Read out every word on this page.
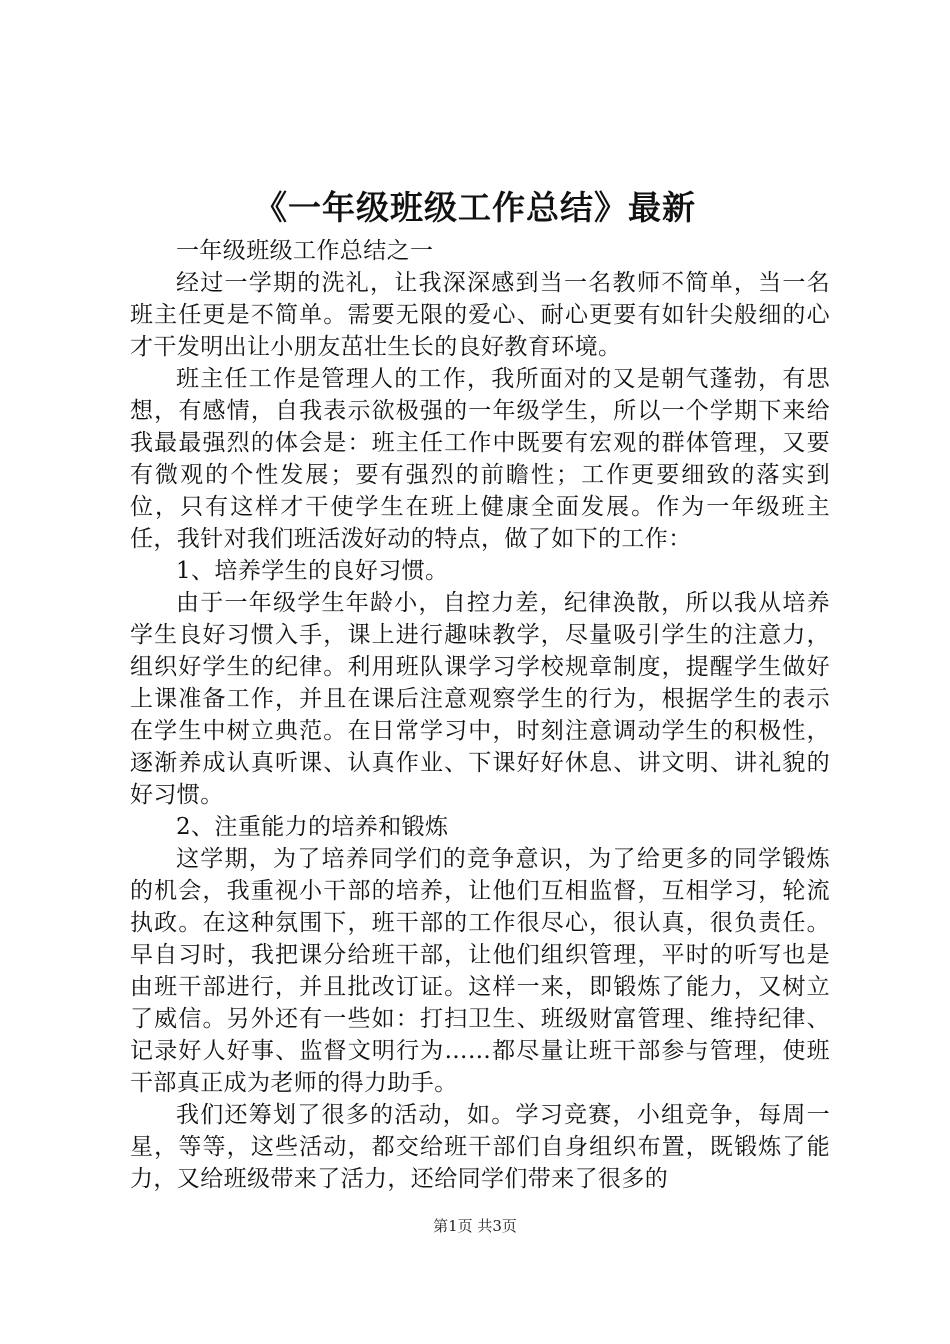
《一年级班级工作总结》最新

一年级班级工作总结之一

经过一学期的洗礼，让我深深感到当一名教师不简单，当一名班主任更是不简单。需要无限的爱心、耐心更要有如针尖般细的心才干发明出让小朋友茁壮生长的良好教育环境。

班主任工作是管理人的工作，我所面对的又是朝气蓬勃，有思想，有感情，自我表示欲极强的一年级学生，所以一个学期下来给我最最强烈的体会是：班主任工作中既要有宏观的群体管理，又要有微观的个性发展；要有强烈的前瞻性；工作更要细致的落实到位，只有这样才干使学生在班上健康全面发展。作为一年级班主任，我针对我们班活泼好动的特点，做了如下的工作：

1、培养学生的良好习惯。

由于一年级学生年龄小，自控力差，纪律涣散，所以我从培养学生良好习惯入手，课上进行趣味教学，尽量吸引学生的注意力，组织好学生的纪律。利用班队课学习学校规章制度，提醒学生做好上课准备工作，并且在课后注意观察学生的行为，根据学生的表示在学生中树立典范。在日常学习中，时刻注意调动学生的积极性，逐渐养成认真听课、认真作业、下课好好休息、讲文明、讲礼貌的好习惯。

2、注重能力的培养和锻炼

这学期，为了培养同学们的竞争意识，为了给更多的同学锻炼的机会，我重视小干部的培养，让他们互相监督，互相学习，轮流执政。在这种氛围下，班干部的工作很尽心，很认真，很负责任。早自习时，我把课分给班干部，让他们组织管理，平时的听写也是由班干部进行，并且批改订证。这样一来，即锻炼了能力，又树立了威信。另外还有一些如：打扫卫生、班级财富管理、维持纪律、记录好人好事、监督文明行为……都尽量让班干部参与管理，使班干部真正成为老师的得力助手。

我们还筹划了很多的活动，如。学习竞赛，小组竞争，每周一星，等等，这些活动，都交给班干部们自身组织布置，既锻炼了能力，又给班级带来了活力，还给同学们带来了很多的

第1页 共3页
